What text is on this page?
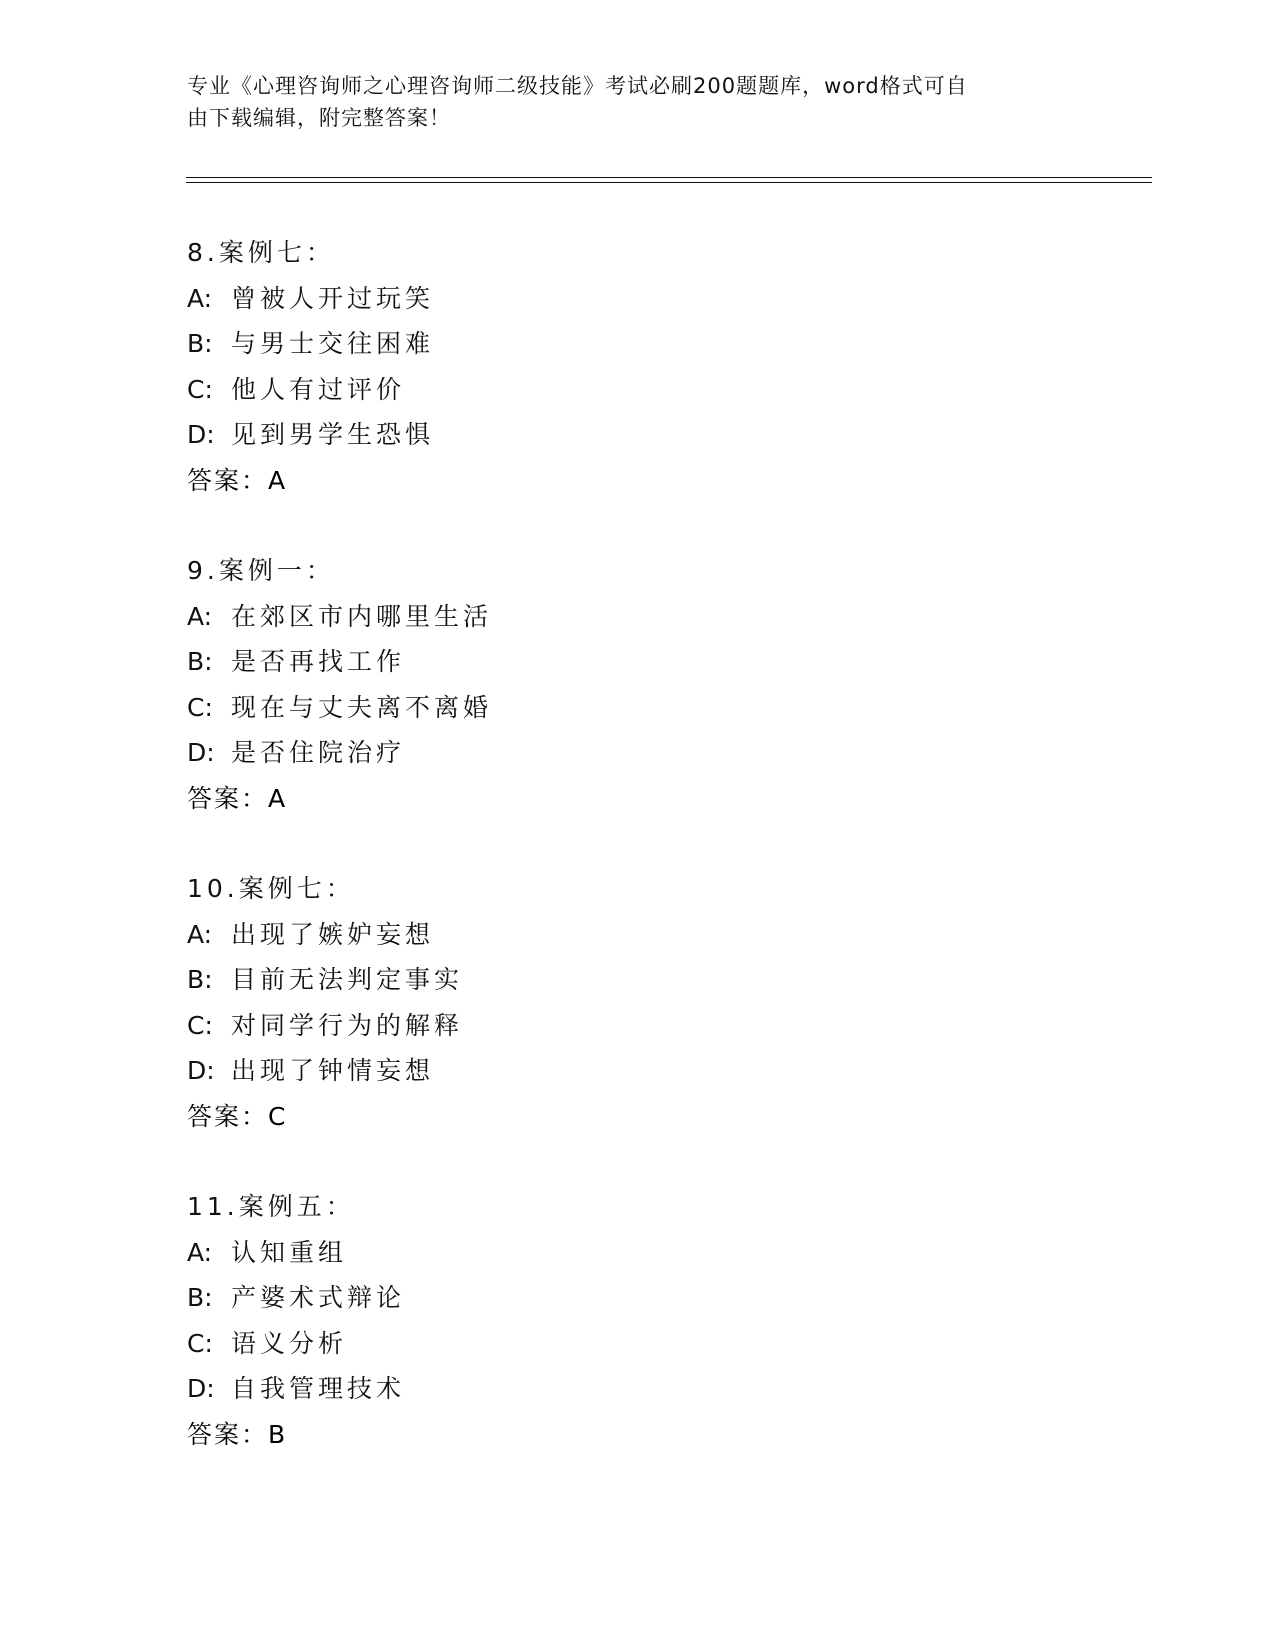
专业《心理咨询师之心理咨询师二级技能》考试必刷200题题库，word格式可自
由下载编辑，附完整答案！
8.案例七：
A: 曾被人开过玩笑
B: 与男士交往困难
C: 他人有过评价
D: 见到男学生恐惧
答案：A
9.案例一：
A: 在郊区市内哪里生活
B: 是否再找工作
C: 现在与丈夫离不离婚
D: 是否住院治疗
答案：A
10.案例七：
A: 出现了嫉妒妄想
B: 目前无法判定事实
C: 对同学行为的解释
D: 出现了钟情妄想
答案：C
11.案例五：
A: 认知重组
B: 产婆术式辩论
C: 语义分析
D: 自我管理技术
答案：B
